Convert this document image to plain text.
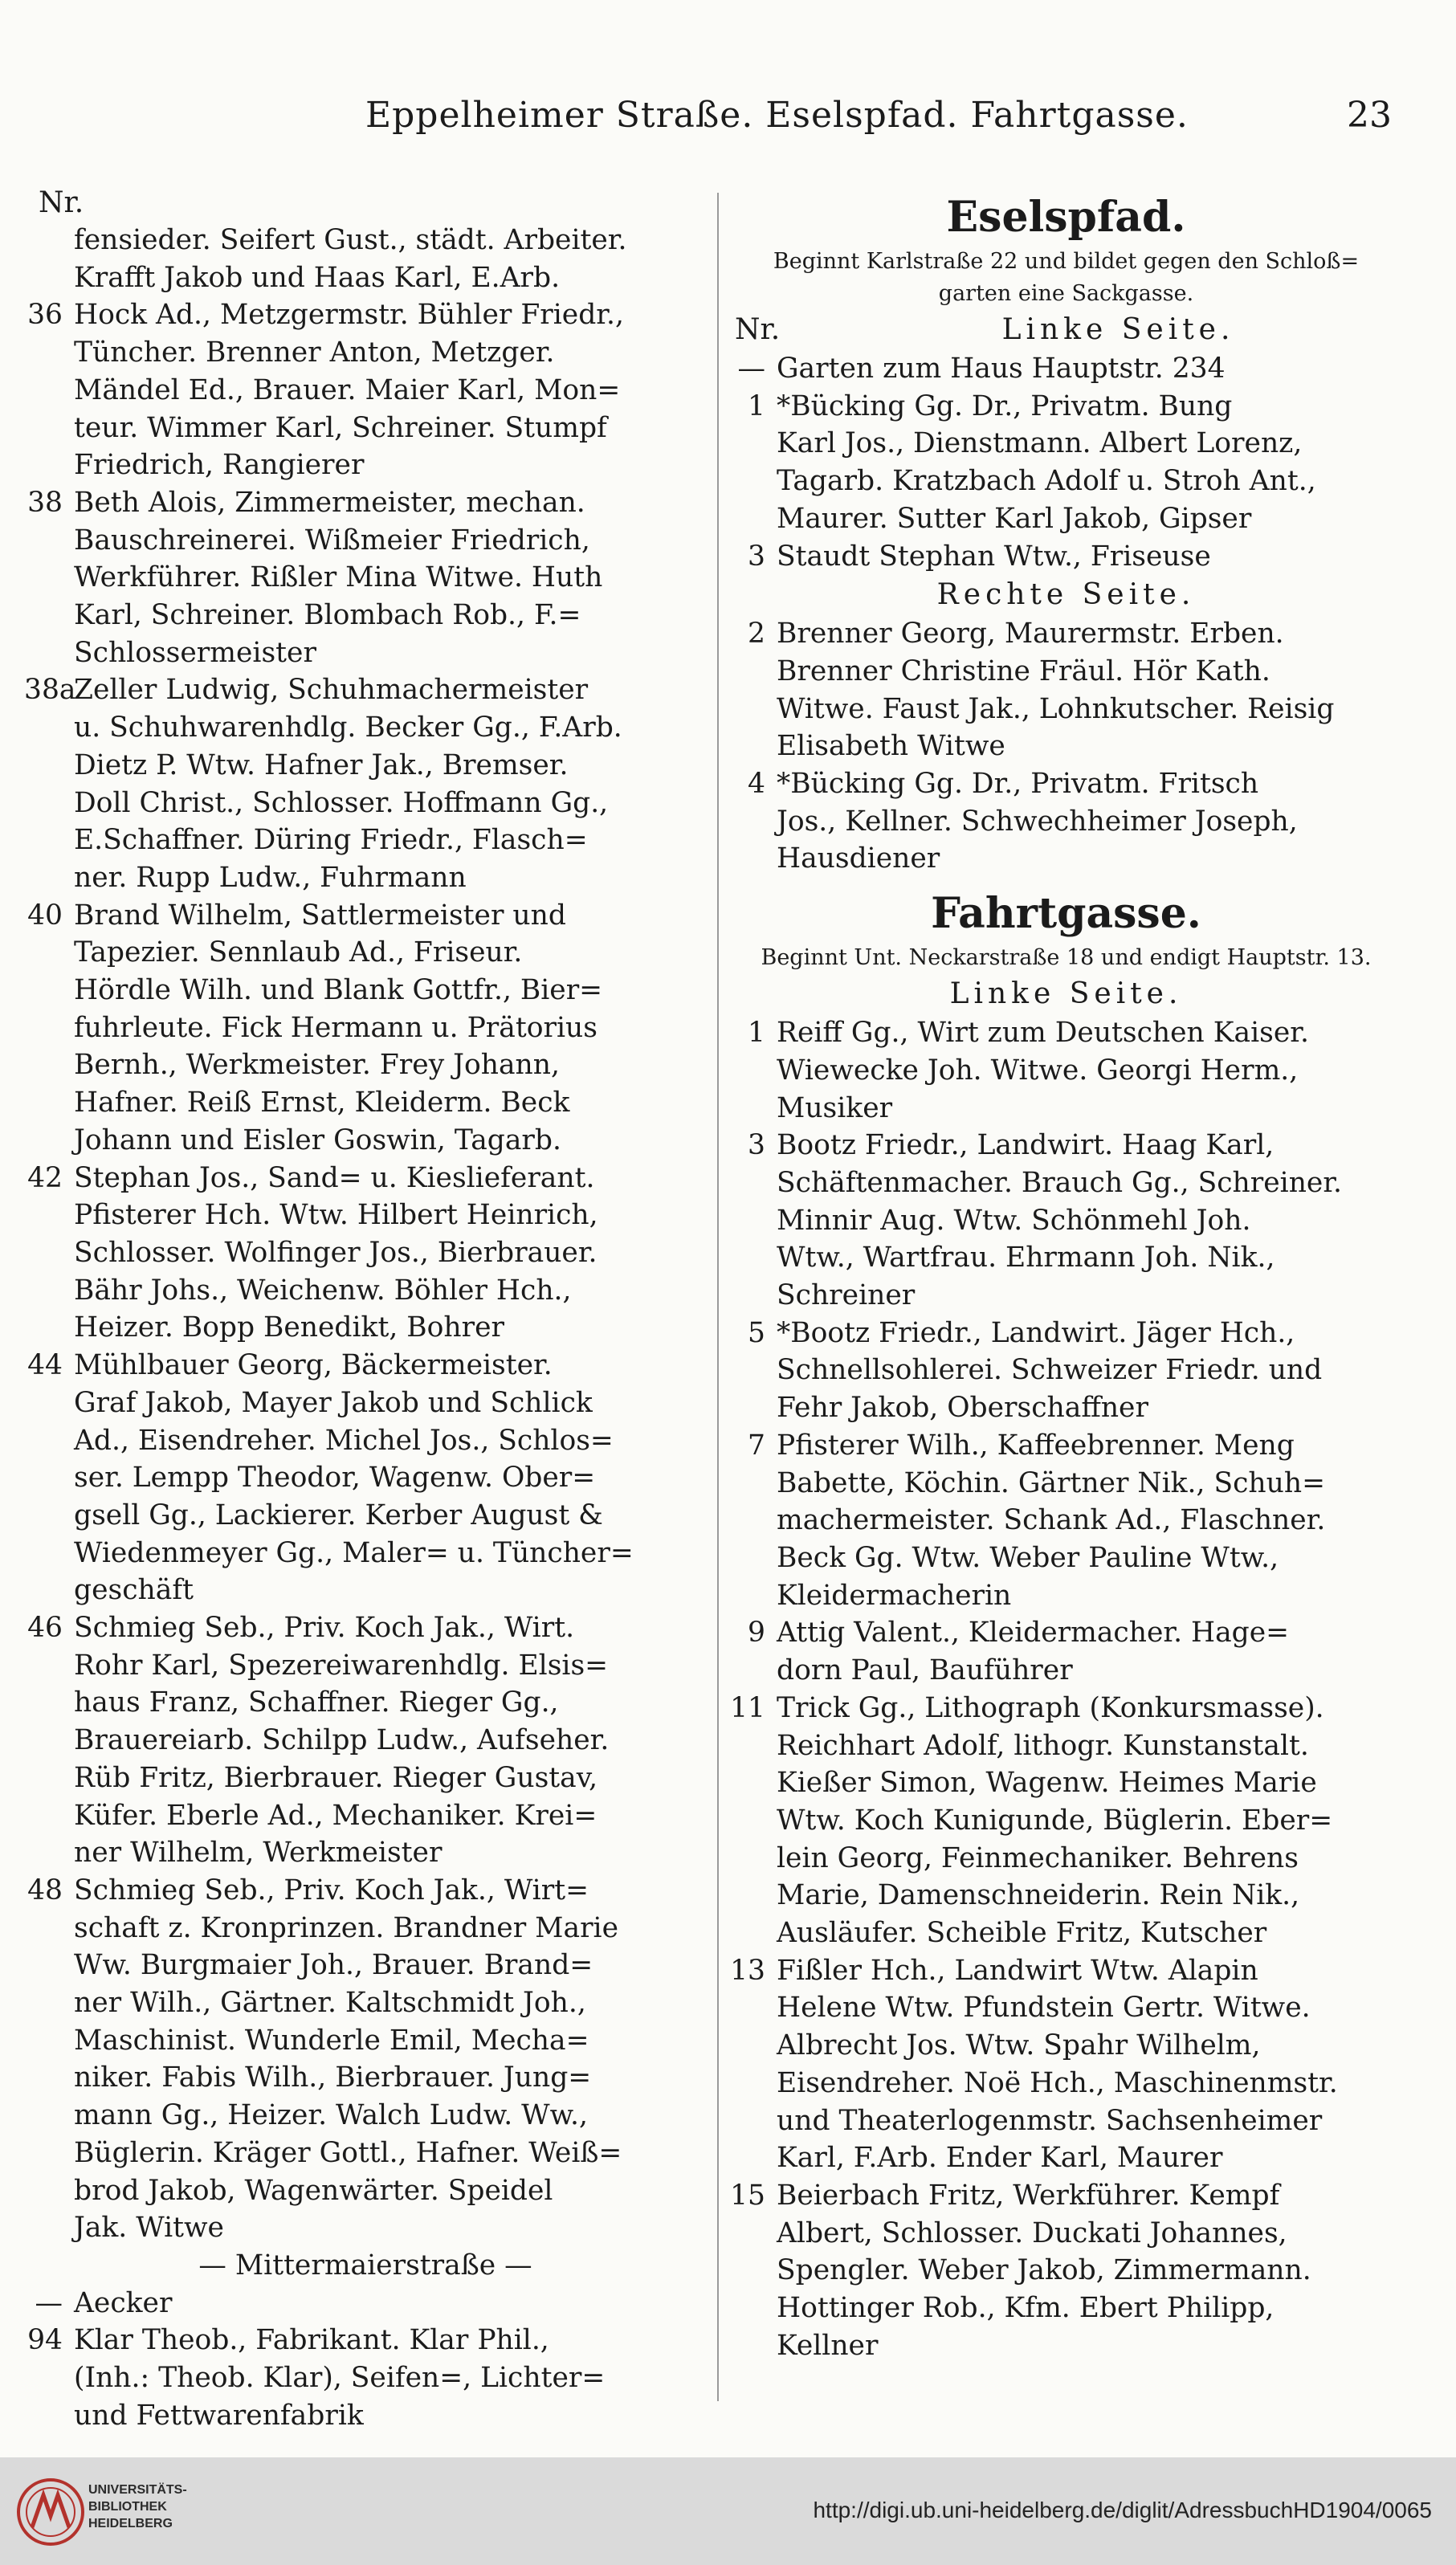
Eppelheimer Straße. Eselspfad. Fahrtgasse.	23
Nr.

fensieder. Seifert Gust., städt. Arbeiter.

Krafft Jakob und Haas Karl, E.Arb.

36 Hock Ad., Metzgermstr. Bühler Friedr.,

Tüncher. Brenner Anton, Metzger.

Mändel Ed., Brauer. Maier Karl, Mon=

teur. Wimmer Karl, Schreiner. Stumpf

Friedrich, Rangierer

38 Beth Alois, Zimmermeister, mechan.

Bauschreinerei. Wißmeier Friedrich,

Werkführer. Rißler Mina Witwe. Huth

Karl, Schreiner. Blombach Rob., F.=

Schlossermeister

38a

Zeller Ludwig, Schuhmachermeister

u. Schuhwarenhdlg. Becker Gg., F.Arb.

Dietz P. Wtw. Hafner Jak., Bremser.

Doll Christ., Schlosser. Hoffmann Gg.,

E.Schaffner. Düring Friedr., Flasch=

ner. Rupp Ludw., Fuhrmann

40 Brand Wilhelm, Sattlermeister und

Tapezier. Sennlaub Ad., Friseur.

Hördle Wilh. und Blank Gottfr., Bier=

fuhrleute. Fick Hermann u. Prätorius

Bernh., Werkmeister. Frey Johann,

Hafner. Reiß Ernst, Kleiderm. Beck

Johann und Eisler Goswin, Tagarb.

42 Stephan Jos., Sand= u. Kieslieferant.

Pfisterer Hch. Wtw. Hilbert Heinrich,

Schlosser. Wolfinger Jos., Bierbrauer.

Bähr Johs., Weichenw. Böhler Hch.,

Heizer. Bopp Benedikt, Bohrer

44 Mühlbauer Georg, Bäckermeister.

Graf Jakob, Mayer Jakob und Schlick

Ad., Eisendreher. Michel Jos., Schlos=

ser. Lempp Theodor, Wagenw. Ober=

gsell Gg., Lackierer. Kerber August &

Wiedenmeyer Gg., Maler= u. Tüncher=

geschäft

46 Schmieg Seb., Priv. Koch Jak., Wirt.

Rohr Karl, Spezereiwarenhdlg. Elsis=

haus Franz, Schaffner. Rieger Gg.,

Brauereiarb. Schilpp Ludw., Aufseher.

Rüb Fritz, Bierbrauer. Rieger Gustav,

Küfer. Eberle Ad., Mechaniker. Krei=

ner Wilhelm, Werkmeister

48 Schmieg Seb., Priv. Koch Jak., Wirt=

schaft z. Kronprinzen. Brandner Marie

Ww. Burgmaier Joh., Brauer. Brand=

ner Wilh., Gärtner. Kaltschmidt Joh.,

Maschinist. Wunderle Emil, Mecha=

niker. Fabis Wilh., Bierbrauer. Jung=

mann Gg., Heizer. Walch Ludw. Ww.,

Büglerin. Kräger Gottl., Hafner. Weiß=

brod Jakob, Wagenwärter. Speidel

Jak. Witwe

— Mittermaierstraße —
— Aecker

94 Klar Theob., Fabrikant. Klar Phil.,

(Inh.: Theob. Klar), Seifen=, Lichter=

und Fettwarenfabrik

Eselspfad.

Beginnt Karlstraße 22 und bildet gegen den Schloß=

garten eine Sackgasse.

Nr.	Linke Seite.
— Garten zum Haus Hauptstr. 234

1 *Bücking Gg. Dr., Privatm. Bung

Karl Jos., Dienstmann. Albert Lorenz,

Tagarb. Kratzbach Adolf u. Stroh Ant.,

Maurer. Sutter Karl Jakob, Gipser

3 Staudt Stephan Wtw., Friseuse

Rechte Seite.
2 Brenner Georg, Maurermstr. Erben.

Brenner Christine Fräul. Hör Kath.

Witwe. Faust Jak., Lohnkutscher. Reisig

Elisabeth Witwe

4 *Bücking Gg. Dr., Privatm. Fritsch

Jos., Kellner. Schwechheimer Joseph,

Hausdiener

Fahrtgasse.

Beginnt Unt. Neckarstraße 18 und endigt Hauptstr. 13.

Linke Seite.
1 Reiff Gg., Wirt zum Deutschen Kaiser.

Wiewecke Joh. Witwe. Georgi Herm.,

Musiker

3 Bootz Friedr., Landwirt. Haag Karl,

Schäftenmacher. Brauch Gg., Schreiner.

Minnir Aug. Wtw. Schönmehl Joh.

Wtw., Wartfrau. Ehrmann Joh. Nik.,

Schreiner

5 *Bootz Friedr., Landwirt. Jäger Hch.,

Schnellsohlerei. Schweizer Friedr. und

Fehr Jakob, Oberschaffner

7 Pfisterer Wilh., Kaffeebrenner. Meng

Babette, Köchin. Gärtner Nik., Schuh=

machermeister. Schank Ad., Flaschner.

Beck Gg. Wtw. Weber Pauline Wtw.,

Kleidermacherin

9 Attig Valent., Kleidermacher. Hage=

dorn Paul, Bauführer

11 Trick Gg., Lithograph (Konkursmasse).

Reichhart Adolf, lithogr. Kunstanstalt.

Kießer Simon, Wagenw. Heimes Marie

Wtw. Koch Kunigunde, Büglerin. Eber=

lein Georg, Feinmechaniker. Behrens

Marie, Damenschneiderin. Rein Nik.,

Ausläufer. Scheible Fritz, Kutscher

13 Fißler Hch., Landwirt Wtw. Alapin

Helene Wtw. Pfundstein Gertr. Witwe.

Albrecht Jos. Wtw. Spahr Wilhelm,

Eisendreher. Noë Hch., Maschinenmstr.

und Theaterlogenmstr. Sachsenheimer

Karl, F.Arb. Ender Karl, Maurer

15 Beierbach Fritz, Werkführer. Kempf

Albert, Schlosser. Duckati Johannes,

Spengler. Weber Jakob, Zimmermann.

Hottinger Rob., Kfm. Ebert Philipp,

Kellner

UNIVERSITÄTS-
BIBLIOTHEK
HEIDELBERG
http://digi.ub.uni-heidelberg.de/diglit/AdressbuchHD1904/0065
